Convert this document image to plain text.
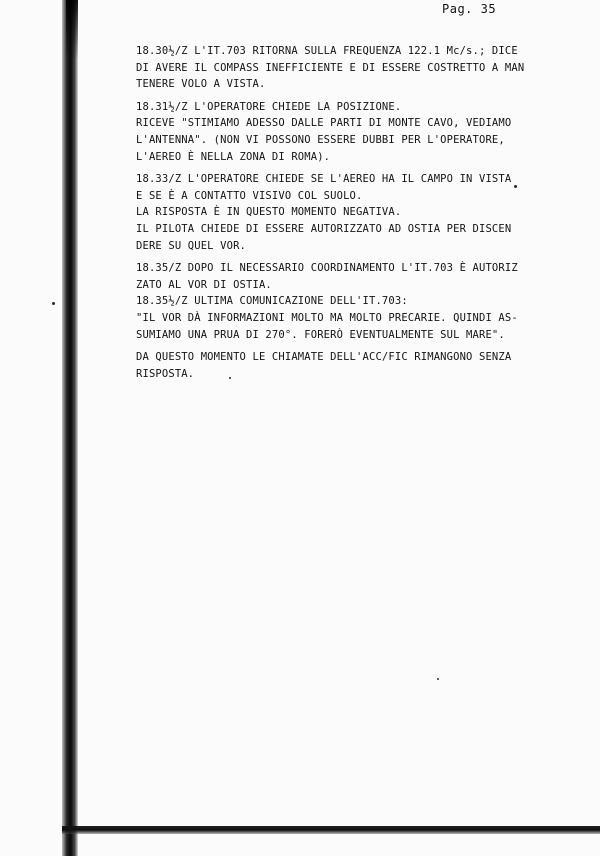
Pag. 35
18.30½/Z L'IT.703 RITORNA SULLA FREQUENZA 122.1 Mc/s.; DICE
DI AVERE IL COMPASS INEFFICIENTE E DI ESSERE COSTRETTO A MAN
TENERE VOLO A VISTA.
18.31½/Z L'OPERATORE CHIEDE LA POSIZIONE.
RICEVE "STIMIAMO ADESSO DALLE PARTI DI MONTE CAVO, VEDIAMO
L'ANTENNA". (NON VI POSSONO ESSERE DUBBI PER L'OPERATORE,
L'AEREO È NELLA ZONA DI ROMA).
18.33/Z L'OPERATORE CHIEDE SE L'AEREO HA IL CAMPO IN VISTA
E SE È A CONTATTO VISIVO COL SUOLO.
LA RISPOSTA È IN QUESTO MOMENTO NEGATIVA.
IL PILOTA CHIEDE DI ESSERE AUTORIZZATO AD OSTIA PER DISCEN
DERE SU QUEL VOR.
18.35/Z DOPO IL NECESSARIO COORDINAMENTO L'IT.703 È AUTORIZ
ZATO AL VOR DI OSTIA.
18.35½/Z ULTIMA COMUNICAZIONE DELL'IT.703:
"IL VOR DÀ INFORMAZIONI MOLTO MA MOLTO PRECARIE. QUINDI AS-
SUMIAMO UNA PRUA DI 270°. FORERÒ EVENTUALMENTE SUL MARE".
DA QUESTO MOMENTO LE CHIAMATE DELL'ACC/FIC RIMANGONO SENZA
RISPOSTA.
